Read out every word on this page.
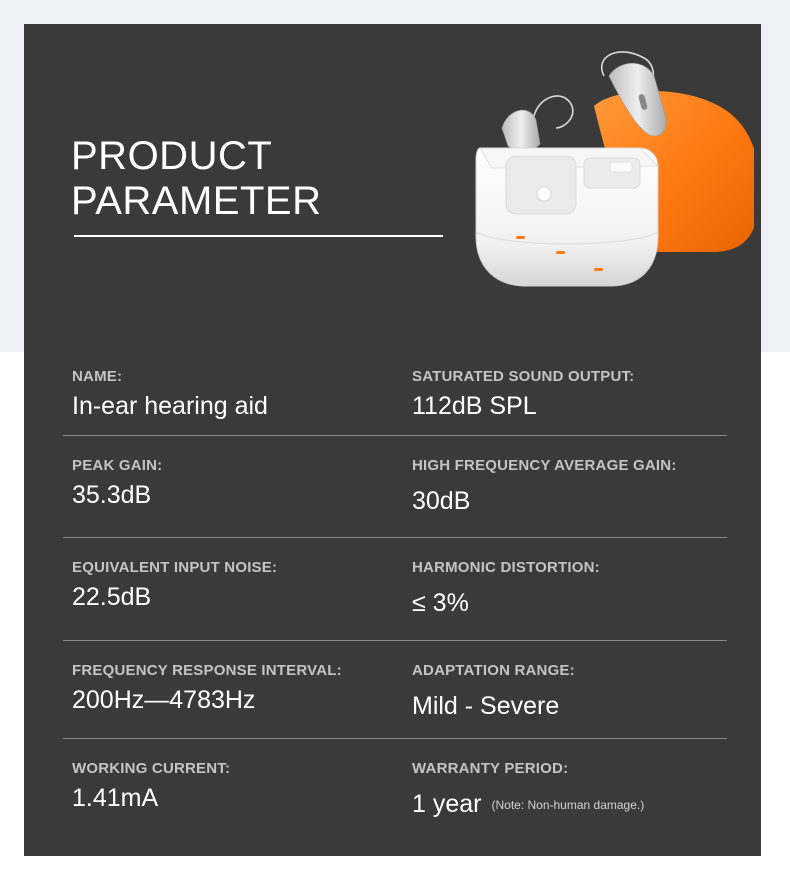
PRODUCT
PARAMETER
NAME:
In-ear hearing aid
SATURATED SOUND OUTPUT:
112dB SPL
PEAK GAIN:
35.3dB
HIGH FREQUENCY AVERAGE GAIN:
30dB
EQUIVALENT INPUT NOISE:
22.5dB
HARMONIC DISTORTION:
≤ 3%
FREQUENCY RESPONSE INTERVAL:
200Hz—4783Hz
ADAPTATION RANGE:
Mild - Severe
WORKING CURRENT:
1.41mA
WARRANTY PERIOD:
1 year (Note: Non-human damage.)
